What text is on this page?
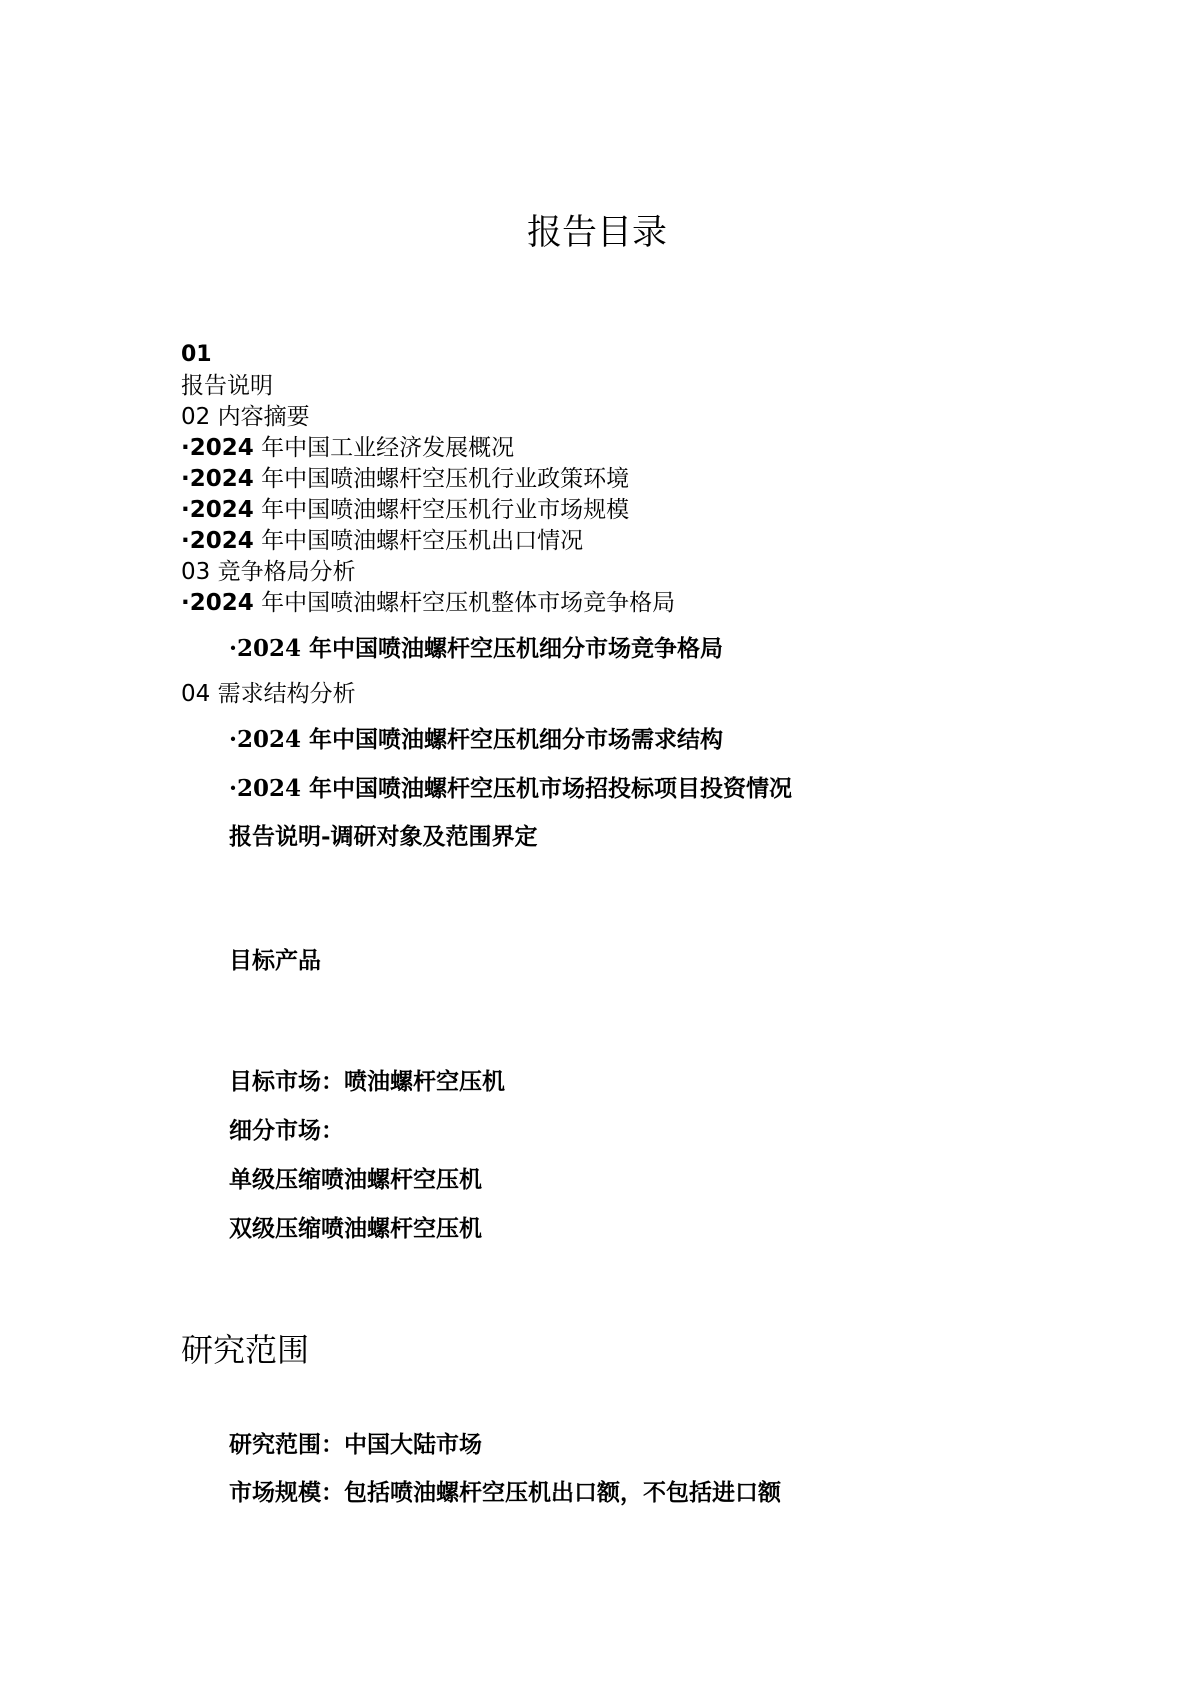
报告目录
01
报告说明
02 内容摘要
·2024 年中国工业经济发展概况
·2024 年中国喷油螺杆空压机行业政策环境
·2024 年中国喷油螺杆空压机行业市场规模
·2024 年中国喷油螺杆空压机出口情况
03 竞争格局分析
·2024 年中国喷油螺杆空压机整体市场竞争格局
·2024 年中国喷油螺杆空压机细分市场竞争格局
04 需求结构分析
·2024 年中国喷油螺杆空压机细分市场需求结构
·2024 年中国喷油螺杆空压机市场招投标项目投资情况
报告说明-调研对象及范围界定
目标产品
目标市场：喷油螺杆空压机
细分市场：
单级压缩喷油螺杆空压机
双级压缩喷油螺杆空压机
研究范围
研究范围：中国大陆市场
市场规模：包括喷油螺杆空压机出口额，不包括进口额
